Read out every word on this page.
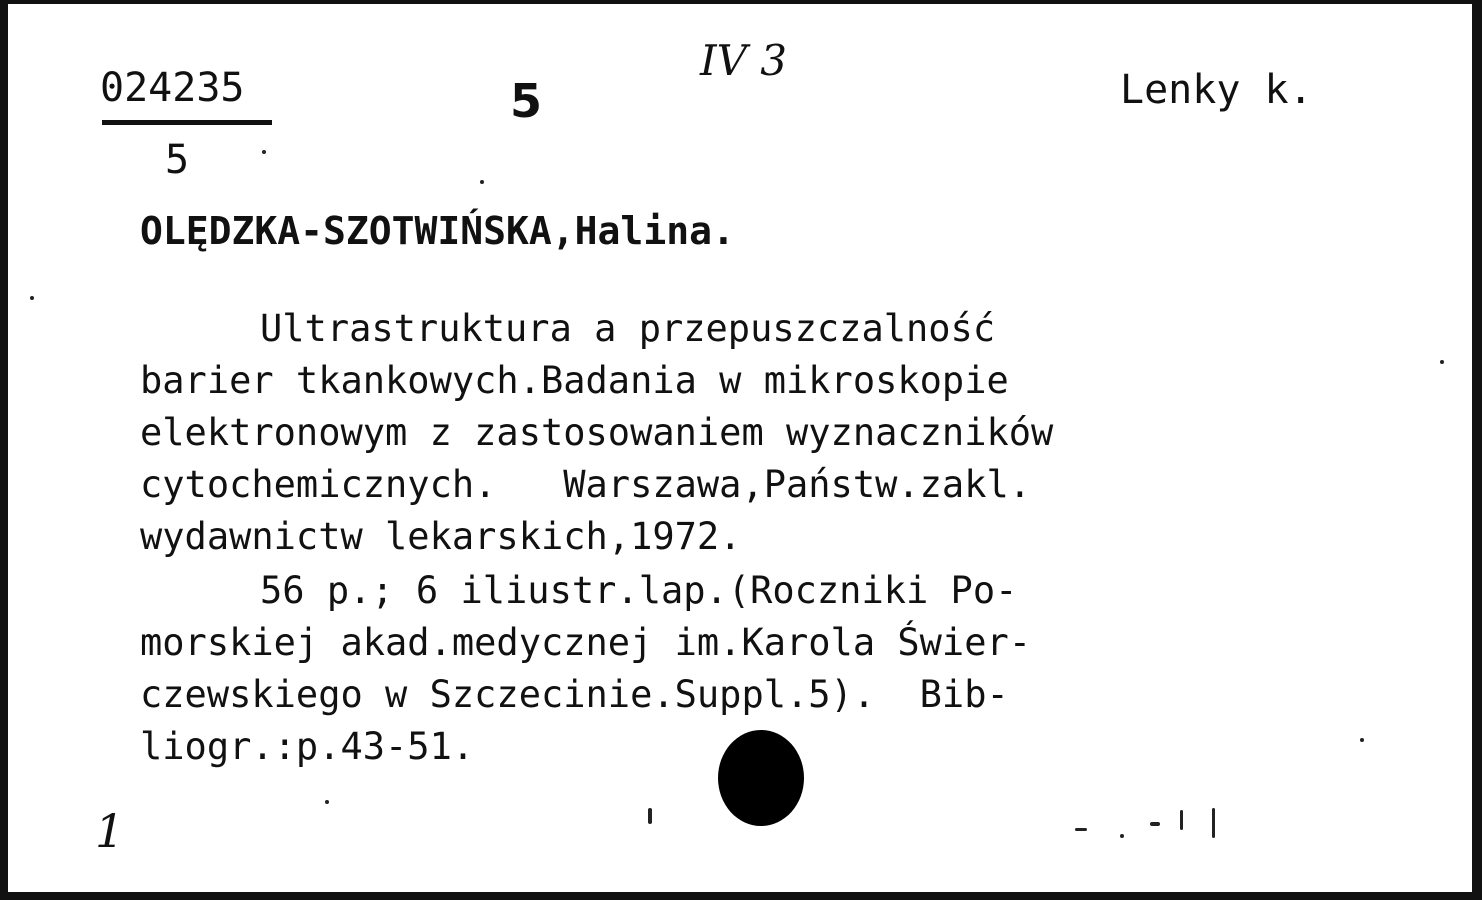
024235
5
5
IV 3
Lenky k.
OLĘDZKA-SZOTWIŃSKA,Halina.
Ultrastruktura a przepuszczalność
barier tkankowych.Badania w mikroskopie
elektronowym z zastosowaniem wyznaczników
cytochemicznych.   Warszawa,Państw.zakl.
wydawnictw lekarskich,1972.
56 p.; 6 iliustr.lap.(Roczniki Po-
morskiej akad.medycznej im.Karola Świer-
czewskiego w Szczecinie.Suppl.5).  Bib-
liogr.:p.43-51.
1
